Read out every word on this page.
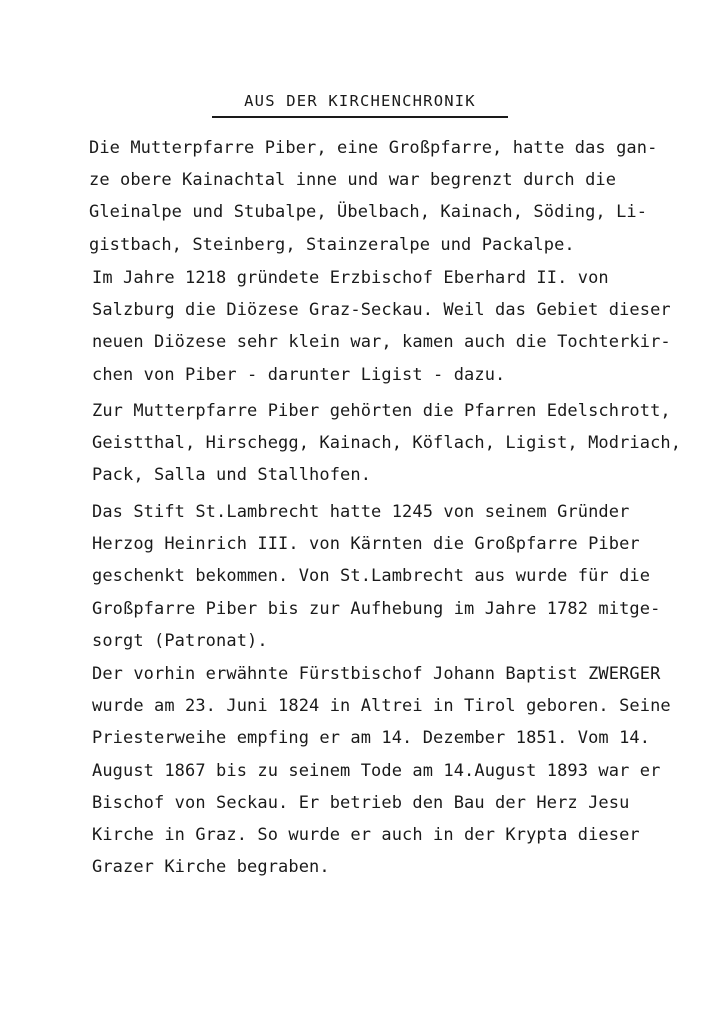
AUS DER KIRCHENCHRONIK
Die Mutterpfarre Piber, eine Großpfarre, hatte das gan-
ze obere Kainachtal inne und war begrenzt durch die
Gleinalpe und Stubalpe, Übelbach, Kainach, Söding, Li-
gistbach, Steinberg, Stainzeralpe und Packalpe.
Im Jahre 1218 gründete Erzbischof Eberhard II. von
Salzburg die Diözese Graz-Seckau. Weil das Gebiet dieser
neuen Diözese sehr klein war, kamen auch die Tochterkir-
chen von Piber - darunter Ligist - dazu.
Zur Mutterpfarre Piber gehörten die Pfarren Edelschrott,
Geistthal, Hirschegg, Kainach, Köflach, Ligist, Modriach,
Pack, Salla und Stallhofen.
Das Stift St.Lambrecht hatte 1245 von seinem Gründer
Herzog Heinrich III. von Kärnten die Großpfarre Piber
geschenkt bekommen. Von St.Lambrecht aus wurde für die
Großpfarre Piber bis zur Aufhebung im Jahre 1782 mitge-
sorgt (Patronat).
Der vorhin erwähnte Fürstbischof Johann Baptist ZWERGER
wurde am 23. Juni 1824 in Altrei in Tirol geboren. Seine
Priesterweihe empfing er am 14. Dezember 1851. Vom 14.
August 1867 bis zu seinem Tode am 14.August 1893 war er
Bischof von Seckau. Er betrieb den Bau der Herz Jesu
Kirche in Graz. So wurde er auch in der Krypta dieser
Grazer Kirche begraben.
